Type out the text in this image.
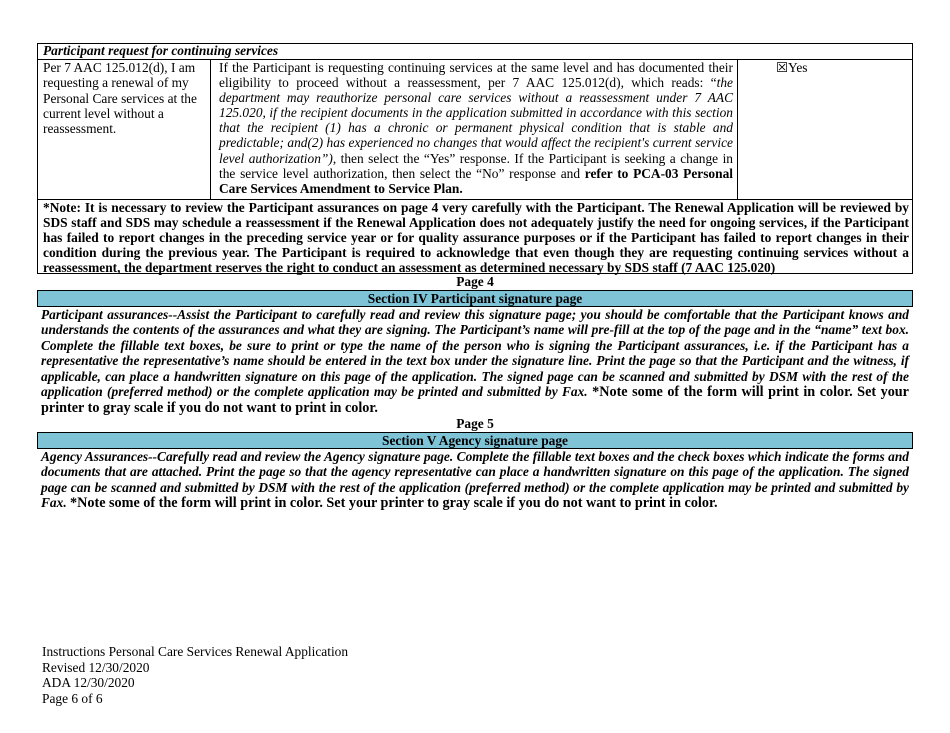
Participant request for continuing services
Per 7 AAC 125.012(d), I am requesting a renewal of my Personal Care services at the current level without a reassessment.
If the Participant is requesting continuing services at the same level and has documented their eligibility to proceed without a reassessment, per 7 AAC 125.012(d), which reads: “the department may reauthorize personal care services without a reassessment under 7 AAC 125.020, if the recipient documents in the application submitted in accordance with this section that the recipient (1) has a chronic or permanent physical condition that is stable and predictable; and(2) has experienced no changes that would affect the recipient's current service level authorization”), then select the “Yes” response. If the Participant is seeking a change in the service level authorization, then select the “No” response and refer to PCA-03 Personal Care Services Amendment to Service Plan.
☒Yes
*Note: It is necessary to review the Participant assurances on page 4 very carefully with the Participant. The Renewal Application will be reviewed by SDS staff and SDS may schedule a reassessment if the Renewal Application does not adequately justify the need for ongoing services, if the Participant has failed to report changes in the preceding service year or for quality assurance purposes or if the Participant has failed to report changes in their condition during the previous year. The Participant is required to acknowledge that even though they are requesting continuing services without a reassessment, the department reserves the right to conduct an assessment as determined necessary by SDS staff (7 AAC 125.020)
Page 4
Section IV Participant signature page
Participant assurances--Assist the Participant to carefully read and review this signature page; you should be comfortable that the Participant knows and understands the contents of the assurances and what they are signing. The Participant’s name will pre-fill at the top of the page and in the “name” text box. Complete the fillable text boxes, be sure to print or type the name of the person who is signing the Participant assurances, i.e. if the Participant has a representative the representative’s name should be entered in the text box under the signature line. Print the page so that the Participant and the witness, if applicable, can place a handwritten signature on this page of the application. The signed page can be scanned and submitted by DSM with the rest of the application (preferred method) or the complete application may be printed and submitted by Fax. *Note some of the form will print in color. Set your printer to gray scale if you do not want to print in color.
Page 5
Section V Agency signature page
Agency Assurances--Carefully read and review the Agency signature page. Complete the fillable text boxes and the check boxes which indicate the forms and documents that are attached. Print the page so that the agency representative can place a handwritten signature on this page of the application. The signed page can be scanned and submitted by DSM with the rest of the application (preferred method) or the complete application may be printed and submitted by Fax. *Note some of the form will print in color. Set your printer to gray scale if you do not want to print in color.
Instructions Personal Care Services Renewal Application
Revised 12/30/2020
ADA 12/30/2020
Page 6 of 6
